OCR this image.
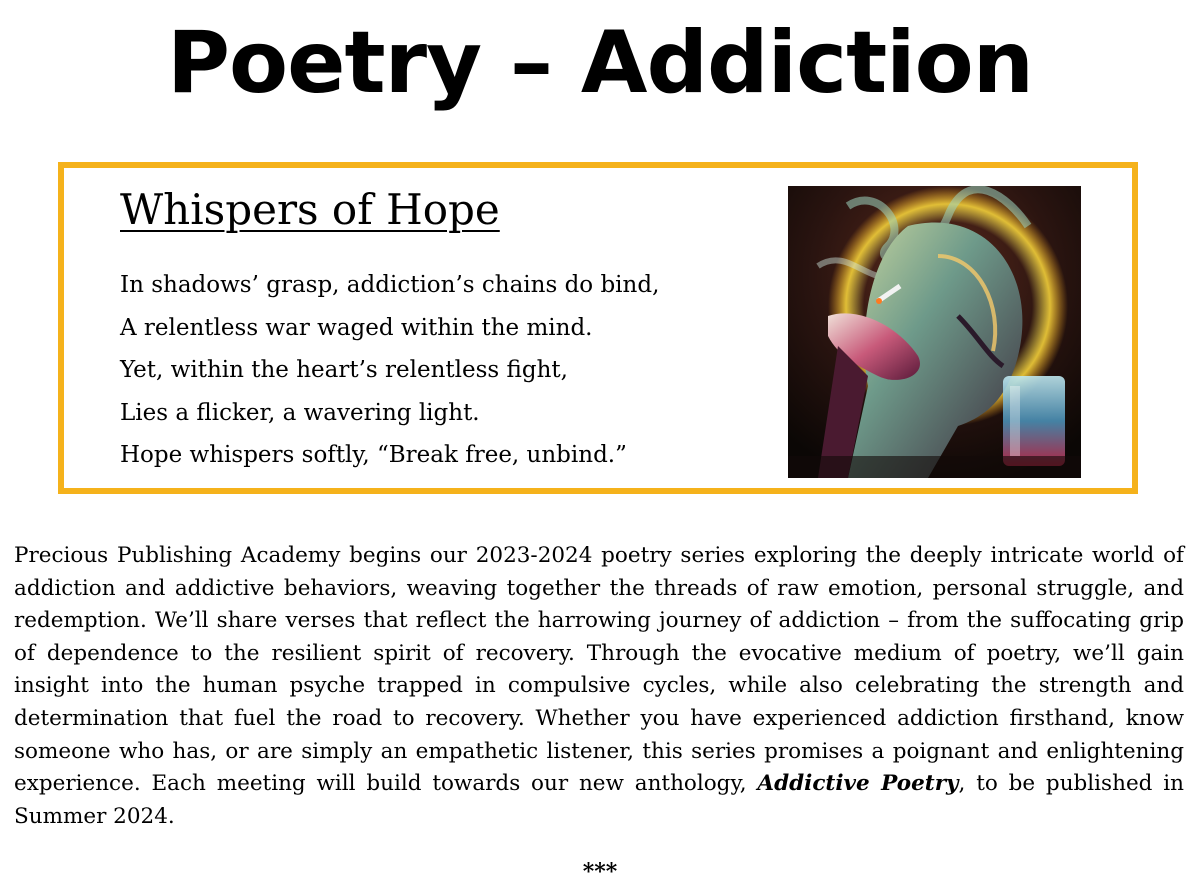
Poetry – Addiction
Whispers of Hope
In shadows’ grasp, addiction’s chains do bind,
A relentless war waged within the mind.
Yet, within the heart’s relentless fight,
Lies a flicker, a wavering light.
Hope whispers softly, “Break free, unbind.”

Precious Publishing Academy begins our 2023-2024 poetry series exploring the deeply intricate world of addiction and addictive behaviors, weaving together the threads of raw emotion, personal struggle, and redemption. We’ll share verses that reflect the harrowing journey of addiction – from the suffocating grip of dependence to the resilient spirit of recovery. Through the evocative medium of poetry, we’ll gain insight into the human psyche trapped in compulsive cycles, while also celebrating the strength and determination that fuel the road to recovery. Whether you have experienced addiction firsthand, know someone who has, or are simply an empathetic listener, this series promises a poignant and enlightening experience. Each meeting will build towards our new anthology, Addictive Poetry, to be published in Summer 2024.

***
